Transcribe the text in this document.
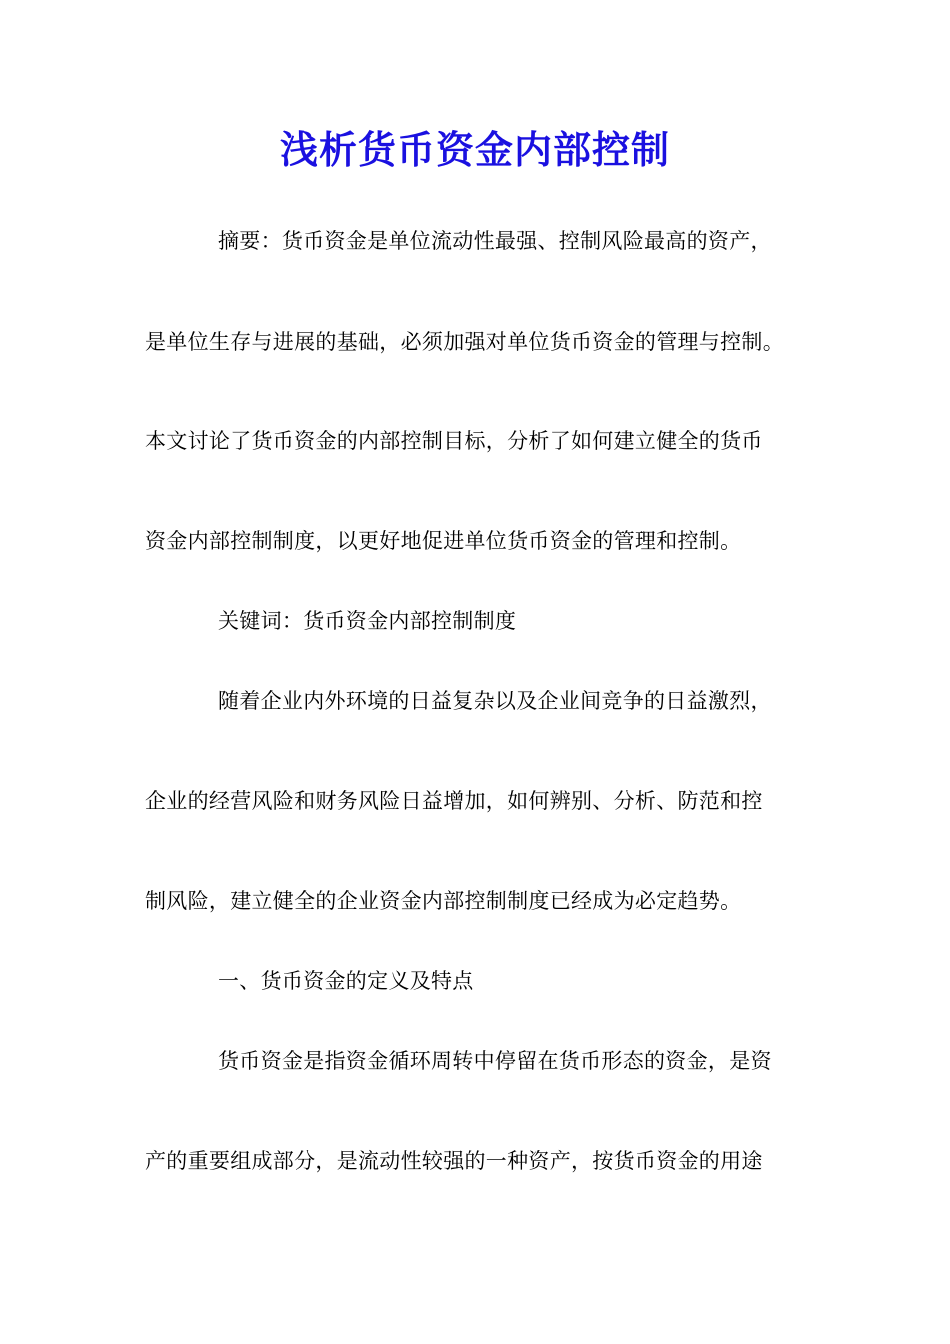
浅析货币资金内部控制
摘要：货币资金是单位流动性最强、控制风险最高的资产，
是单位生存与进展的基础，必须加强对单位货币资金的管理与控制。
本文讨论了货币资金的内部控制目标，分析了如何建立健全的货币
资金内部控制制度，以更好地促进单位货币资金的管理和控制。
关键词：货币资金内部控制制度
随着企业内外环境的日益复杂以及企业间竞争的日益激烈，
企业的经营风险和财务风险日益增加，如何辨别、分析、防范和控
制风险，建立健全的企业资金内部控制制度已经成为必定趋势。
一、货币资金的定义及特点
货币资金是指资金循环周转中停留在货币形态的资金，是资
产的重要组成部分，是流动性较强的一种资产，按货币资金的用途
